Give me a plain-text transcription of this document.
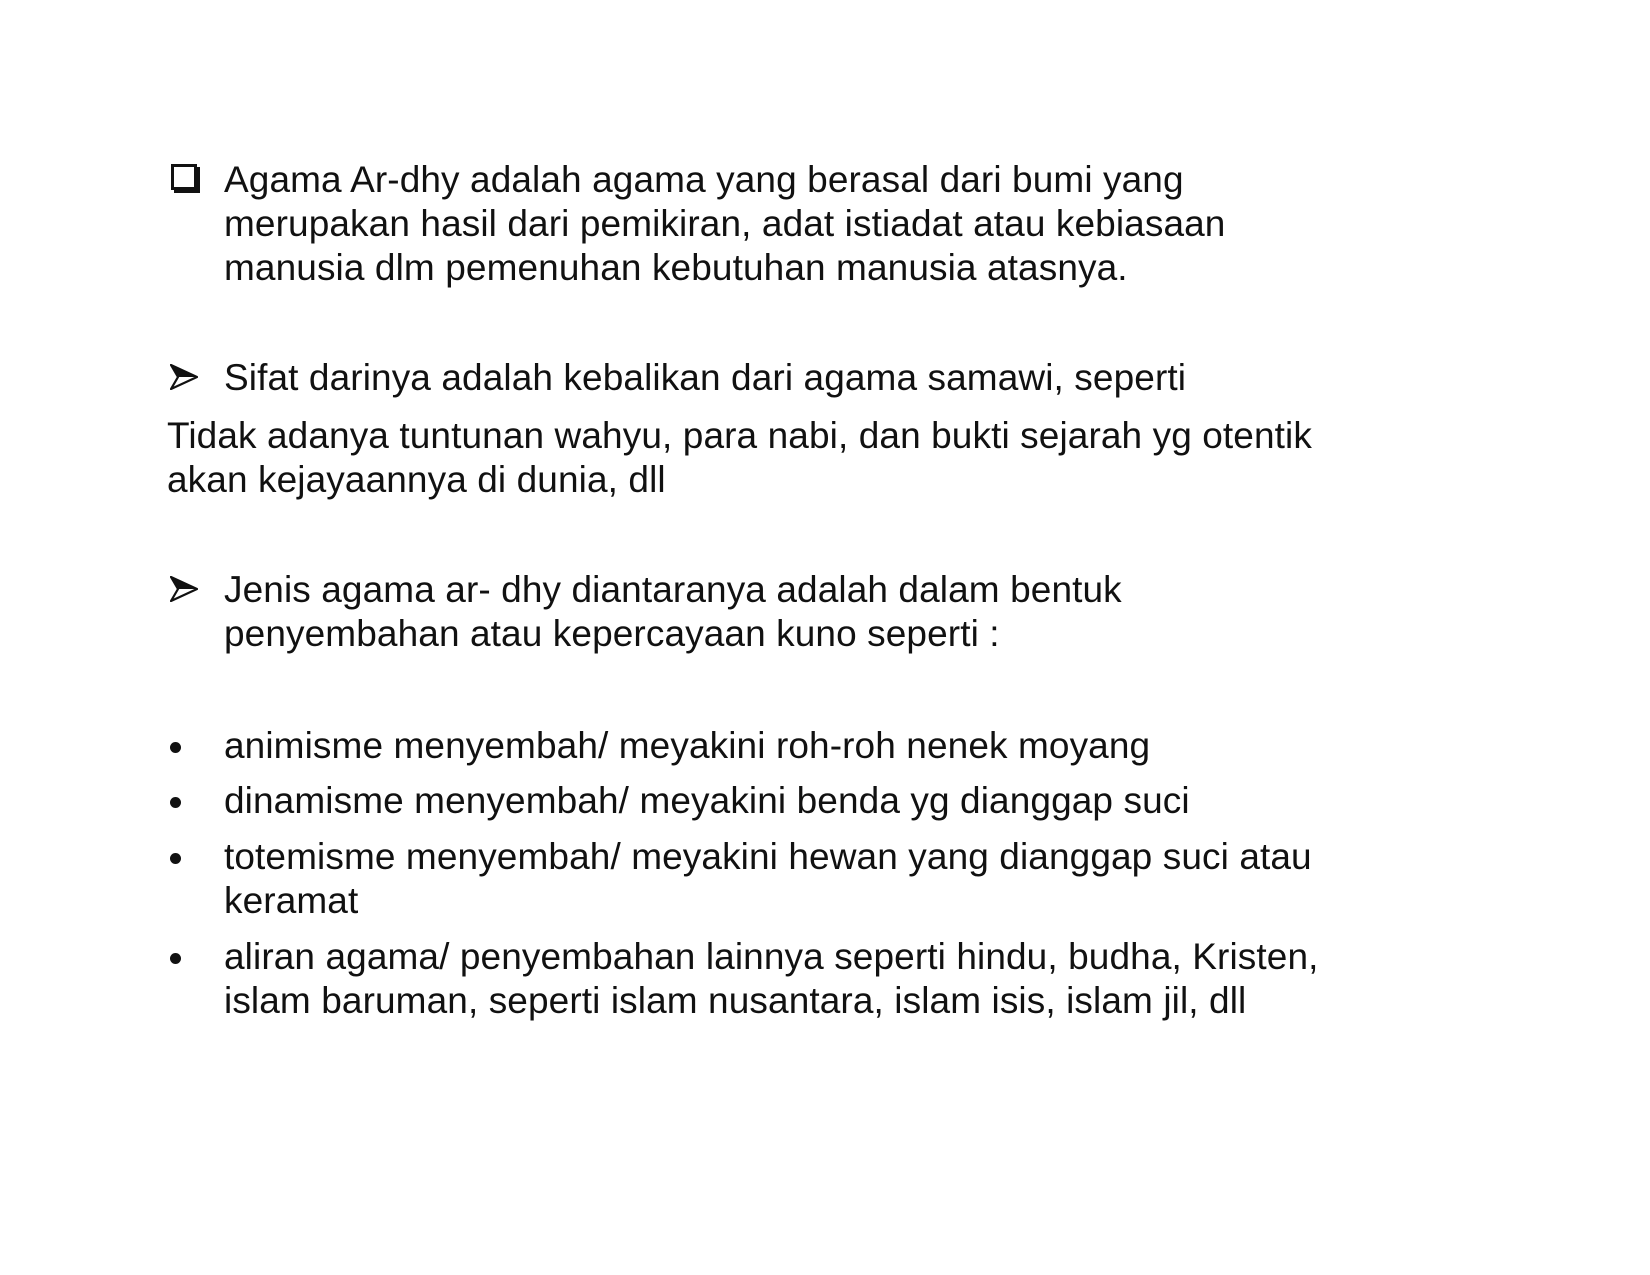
Agama Ar-dhy adalah agama yang berasal dari bumi yang
merupakan hasil dari pemikiran, adat istiadat atau kebiasaan
manusia dlm pemenuhan kebutuhan manusia atasnya.
Sifat darinya adalah kebalikan dari agama samawi, seperti
Tidak adanya tuntunan wahyu, para nabi, dan bukti sejarah yg otentik
akan kejayaannya di dunia, dll
Jenis agama ar- dhy diantaranya adalah dalam bentuk
penyembahan atau kepercayaan kuno seperti :
animisme menyembah/ meyakini roh-roh nenek moyang
dinamisme menyembah/ meyakini benda yg dianggap suci
totemisme menyembah/ meyakini hewan yang dianggap suci atau
keramat
aliran agama/ penyembahan lainnya seperti hindu, budha, Kristen,
islam baruman, seperti islam nusantara, islam isis, islam jil, dll
